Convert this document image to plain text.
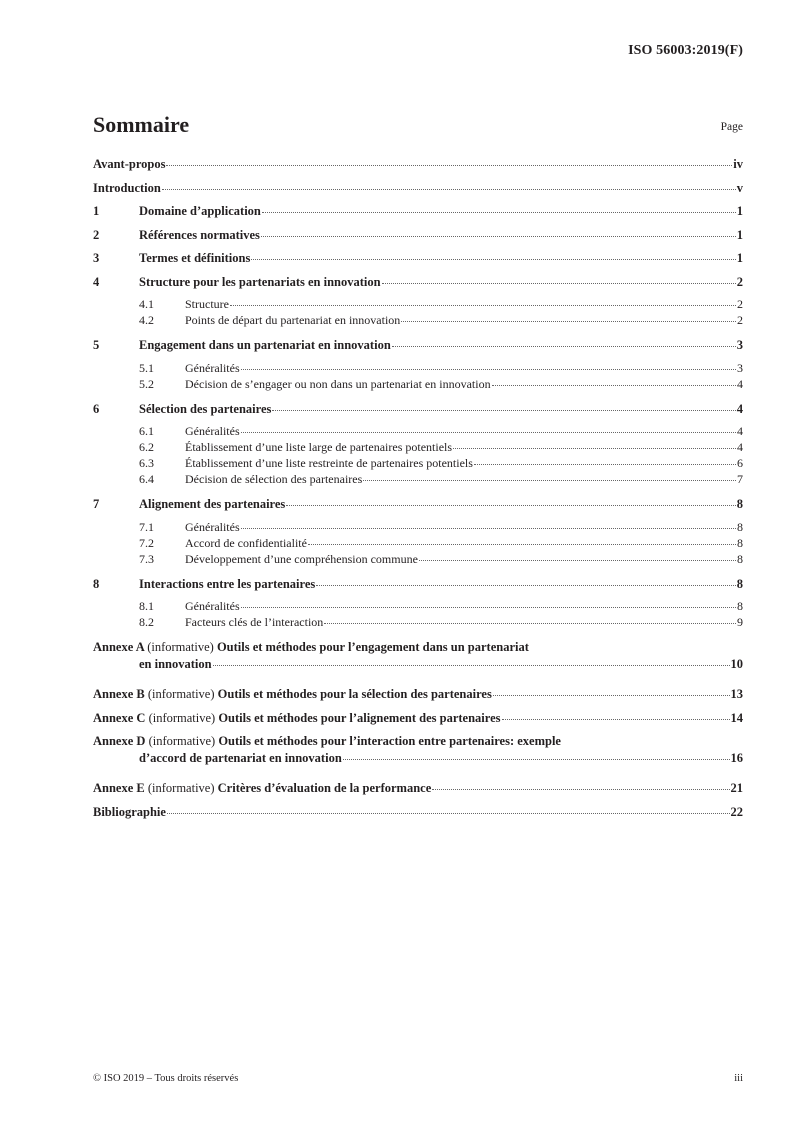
ISO 56003:2019(F)
Sommaire	Page
Avant-propos	iv
Introduction	v
1	Domaine d’application	1
2	Références normatives	1
3	Termes et définitions	1
4	Structure pour les partenariats en innovation	2
4.1	Structure	2
4.2	Points de départ du partenariat en innovation	2
5	Engagement dans un partenariat en innovation	3
5.1	Généralités	3
5.2	Décision de s’engager ou non dans un partenariat en innovation	4
6	Sélection des partenaires	4
6.1	Généralités	4
6.2	Établissement d’une liste large de partenaires potentiels	4
6.3	Établissement d’une liste restreinte de partenaires potentiels	6
6.4	Décision de sélection des partenaires	7
7	Alignement des partenaires	8
7.1	Généralités	8
7.2	Accord de confidentialité	8
7.3	Développement d’une compréhension commune	8
8	Interactions entre les partenaires	8
8.1	Généralités	8
8.2	Facteurs clés de l’interaction	9
Annexe A (informative) Outils et méthodes pour l’engagement dans un partenariat
en innovation	10
Annexe B (informative) Outils et méthodes pour la sélection des partenaires	13
Annexe C (informative) Outils et méthodes pour l’alignement des partenaires	14
Annexe D (informative) Outils et méthodes pour l’interaction entre partenaires: exemple
d’accord de partenariat en innovation	16
Annexe E (informative) Critères d’évaluation de la performance	21
Bibliographie	22
© ISO 2019 – Tous droits réservés	iii
